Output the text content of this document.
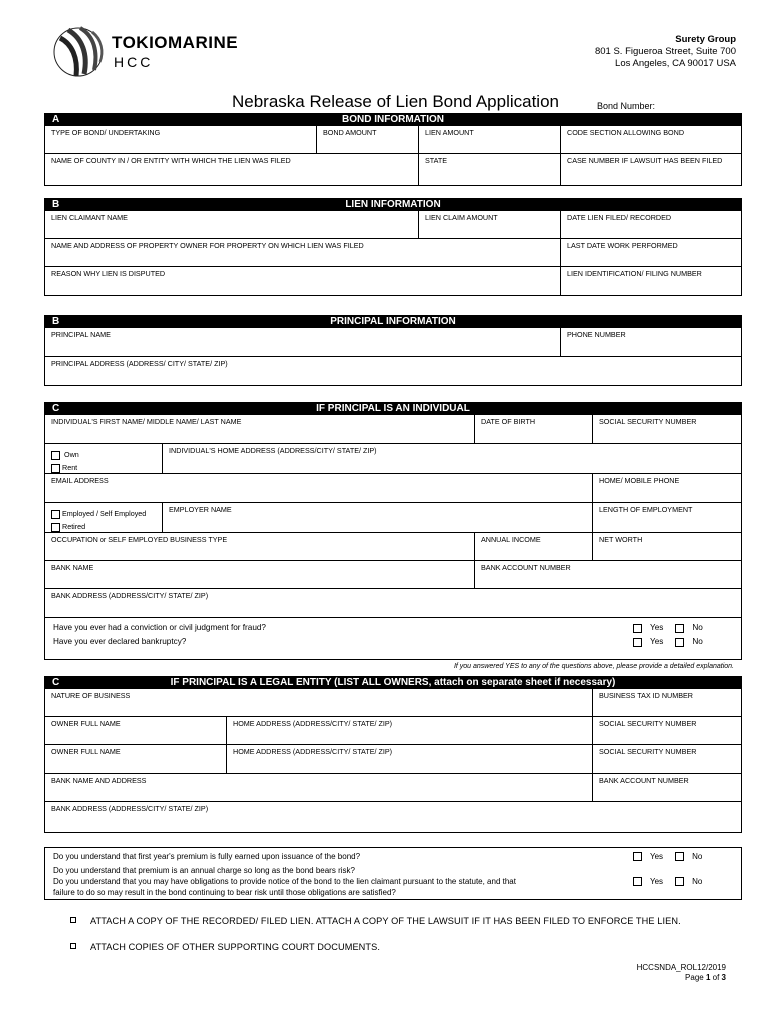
TOKIOMARINE
HCC
Surety Group
801 S. Figueroa Street, Suite 700
Los Angeles, CA 90017 USA
Nebraska Release of Lien Bond Application	Bond Number:
A	BOND INFORMATION
TYPE OF BOND/ UNDERTAKING	BOND AMOUNT	LIEN AMOUNT	CODE SECTION ALLOWING BOND
NAME OF COUNTY IN / OR ENTITY WITH WHICH THE LIEN WAS FILED	STATE	CASE NUMBER IF LAWSUIT HAS BEEN FILED
B	LIEN INFORMATION
LIEN CLAIMANT NAME	LIEN CLAIM AMOUNT	DATE LIEN FILED/ RECORDED
NAME AND ADDRESS OF PROPERTY OWNER FOR PROPERTY ON WHICH LIEN WAS FILED	LAST DATE WORK PERFORMED
REASON WHY LIEN IS DISPUTED	LIEN IDENTIFICATION/ FILING NUMBER
B	PRINCIPAL INFORMATION
PRINCIPAL NAME	PHONE NUMBER
PRINCIPAL ADDRESS (ADDRESS/ CITY/ STATE/ ZIP)
C	IF PRINCIPAL IS AN INDIVIDUAL
INDIVIDUAL'S FIRST NAME/ MIDDLE NAME/ LAST NAME	DATE OF BIRTH	SOCIAL SECURITY NUMBER
Own
Rent
INDIVIDUAL'S HOME ADDRESS (ADDRESS/CITY/ STATE/ ZIP)
EMAIL ADDRESS	HOME/ MOBILE PHONE
Employed / Self Employed
Retired
EMPLOYER NAME	LENGTH OF EMPLOYMENT
OCCUPATION or SELF EMPLOYED BUSINESS TYPE	ANNUAL INCOME	NET WORTH
BANK NAME	BANK ACCOUNT NUMBER
BANK ADDRESS (ADDRESS/CITY/ STATE/ ZIP)
Have you ever had a conviction or civil judgment for fraud?	Yes	No
Have you ever declared bankruptcy?	Yes	No
If you answered YES to any of the questions above, please provide a detailed explanation.
C	IF PRINCIPAL IS A LEGAL ENTITY (LIST ALL OWNERS, attach on separate sheet if necessary)
NATURE OF BUSINESS	BUSINESS TAX ID NUMBER
OWNER FULL NAME	HOME ADDRESS (ADDRESS/CITY/ STATE/ ZIP)	SOCIAL SECURITY NUMBER
OWNER FULL NAME	HOME ADDRESS (ADDRESS/CITY/ STATE/ ZIP)	SOCIAL SECURITY NUMBER
BANK NAME AND ADDRESS	BANK ACCOUNT NUMBER
BANK ADDRESS (ADDRESS/CITY/ STATE/ ZIP)
Do you understand that first year's premium is fully earned upon issuance of the bond?	Yes	No
Do you understand that premium is an annual charge so long as the bond bears risk?
Do you understand that you may have obligations to provide notice of the bond to the lien claimant pursuant to the statute, and that
failure to do so may result in the bond continuing to bear risk until those obligations are satisfied?
Yes	No
ATTACH A COPY OF THE RECORDED/ FILED LIEN. ATTACH A COPY OF THE LAWSUIT IF IT HAS BEEN FILED TO ENFORCE THE LIEN.
ATTACH COPIES OF OTHER SUPPORTING COURT DOCUMENTS.
HCCSNDA_ROL12/2019
Page 1 of 3
